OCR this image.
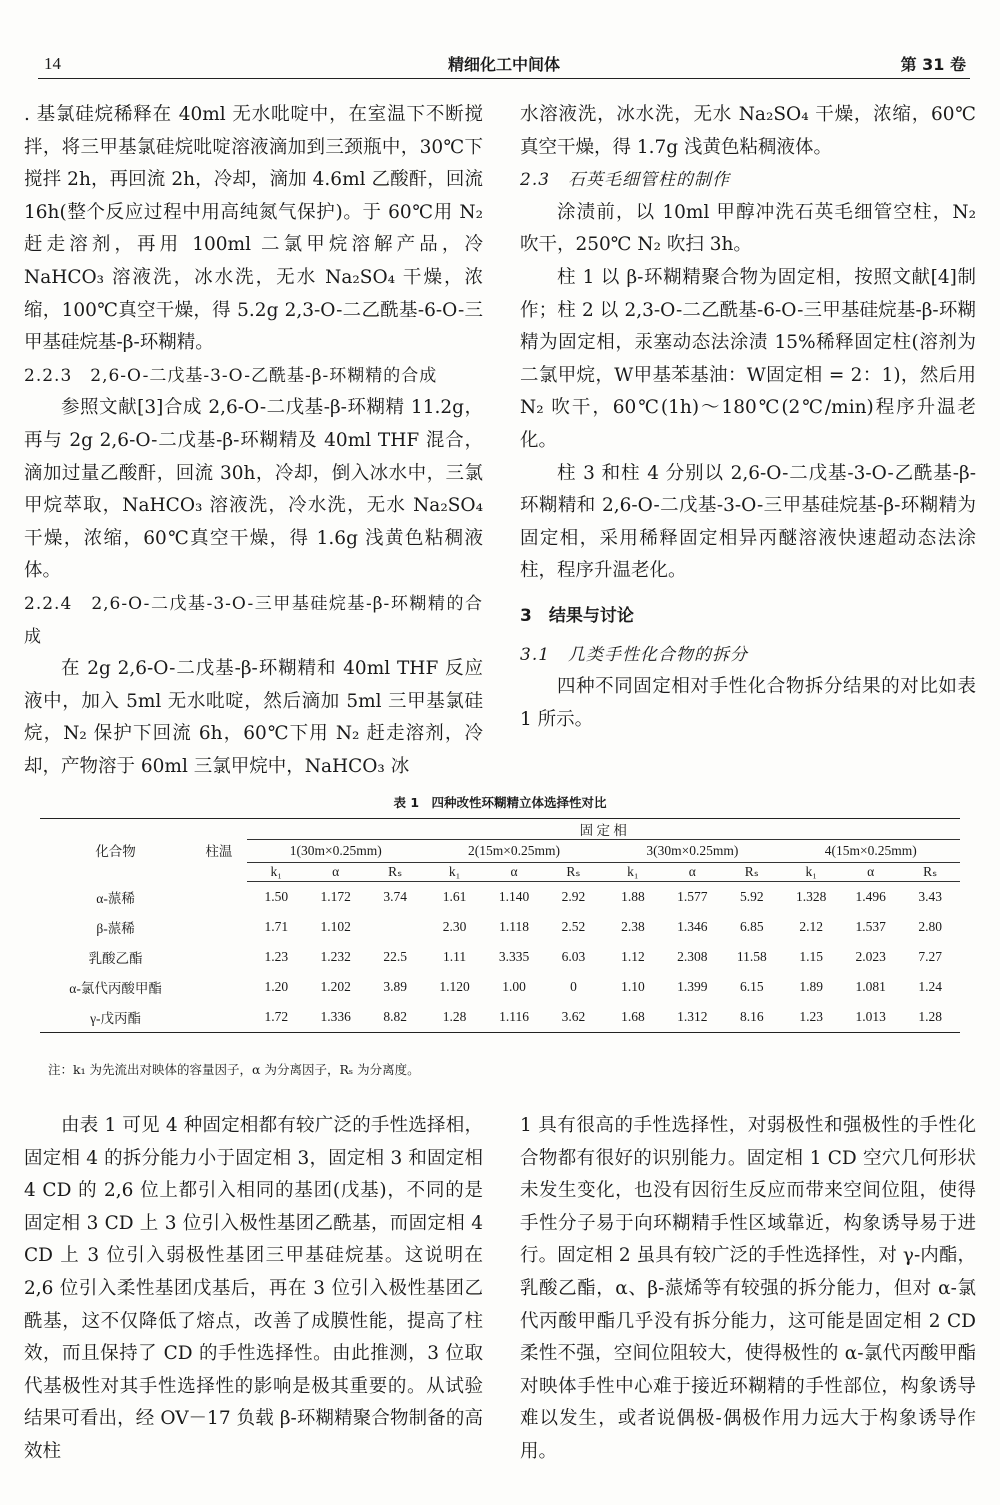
14	精细化工中间体	第 31 卷

. 基氯硅烷稀释在 40ml 无水吡啶中，在室温下不断搅拌，将三甲基氯硅烷吡啶溶液滴加到三颈瓶中，30℃下搅拌 2h，再回流 2h，冷却，滴加 4.6ml 乙酸酐，回流 16h(整个反应过程中用高纯氮气保护)。于 60℃用 N₂ 赶走溶剂，再用 100ml 二氯甲烷溶解产品，冷 NaHCO₃ 溶液洗，冰水洗，无水 Na₂SO₄ 干燥，浓缩，100℃真空干燥，得 5.2g 2,3-O-二乙酰基-6-O-三甲基硅烷基-β-环糊精。

2.2.3　2,6-O-二戊基-3-O-乙酰基-β-环糊精的合成

参照文献[3]合成 2,6-O-二戊基-β-环糊精 11.2g，再与 2g 2,6-O-二戊基-β-环糊精及 40ml THF 混合，滴加过量乙酸酐，回流 30h，冷却，倒入冰水中，三氯甲烷萃取，NaHCO₃ 溶液洗，冷水洗，无水 Na₂SO₄ 干燥，浓缩，60℃真空干燥，得 1.6g 浅黄色粘稠液体。

2.2.4　2,6-O-二戊基-3-O-三甲基硅烷基-β-环糊精的合成

在 2g 2,6-O-二戊基-β-环糊精和 40ml THF 反应液中，加入 5ml 无水吡啶，然后滴加 5ml 三甲基氯硅烷，N₂ 保护下回流 6h，60℃下用 N₂ 赶走溶剂，冷却，产物溶于 60ml 三氯甲烷中，NaHCO₃ 冰

水溶液洗，冰水洗，无水 Na₂SO₄ 干燥，浓缩，60℃真空干燥，得 1.7g 浅黄色粘稠液体。

2.3　石英毛细管柱的制作

涂渍前，以 10ml 甲醇冲洗石英毛细管空柱，N₂ 吹干，250℃ N₂ 吹扫 3h。

柱 1 以 β-环糊精聚合物为固定相，按照文献[4]制作；柱 2 以 2,3-O-二乙酰基-6-O-三甲基硅烷基-β-环糊精为固定相，汞塞动态法涂渍 15%稀释固定柱(溶剂为二氯甲烷，W甲基苯基油：W固定相 = 2：1)，然后用 N₂ 吹干，60℃(1h)～180℃(2℃/min)程序升温老化。

柱 3 和柱 4 分别以 2,6-O-二戊基-3-O-乙酰基-β-环糊精和 2,6-O-二戊基-3-O-三甲基硅烷基-β-环糊精为固定相，采用稀释固定相异丙醚溶液快速超动态法涂柱，程序升温老化。

3　结果与讨论

3.1　几类手性化合物的拆分

四种不同固定相对手性化合物拆分结果的对比如表 1 所示。

表 1　四种改性环糊精立体选择性对比
化合物	柱温	固 定 相											
		1(30m×0.25mm)			2(15m×0.25mm)			3(30m×0.25mm)			4(15m×0.25mm)		
		k₁	α	Rₛ	k₁	α	Rₛ	k₁	α	Rₛ	k₁	α	Rₛ
α-蒎稀		1.50	1.172	3.74	1.61	1.140	2.92	1.88	1.577	5.92	1.328	1.496	3.43
β-蒎稀		1.71	1.102		2.30	1.118	2.52	2.38	1.346	6.85	2.12	1.537	2.80
乳酸乙酯		1.23	1.232	22.5	1.11	3.335	6.03	1.12	2.308	11.58	1.15	2.023	7.27
α-氯代丙酸甲酯		1.20	1.202	3.89	1.120	1.00	0	1.10	1.399	6.15	1.89	1.081	1.24
γ-戊丙酯		1.72	1.336	8.82	1.28	1.116	3.62	1.68	1.312	8.16	1.23	1.013	1.28
注：k₁ 为先流出对映体的容量因子，α 为分离因子，Rₛ 为分离度。

由表 1 可见 4 种固定相都有较广泛的手性选择相，固定相 4 的拆分能力小于固定相 3，固定相 3 和固定相 4 CD 的 2,6 位上都引入相同的基团(戊基)，不同的是固定相 3 CD 上 3 位引入极性基团乙酰基，而固定相 4 CD 上 3 位引入弱极性基团三甲基硅烷基。这说明在 2,6 位引入柔性基团戊基后，再在 3 位引入极性基团乙酰基，这不仅降低了熔点，改善了成膜性能，提高了柱效，而且保持了 CD 的手性选择性。由此推测，3 位取代基极性对其手性选择性的影响是极其重要的。从试验结果可看出，经 OV－17 负载 β-环糊精聚合物制备的高效柱

1 具有很高的手性选择性，对弱极性和强极性的手性化合物都有很好的识别能力。固定相 1 CD 空穴几何形状未发生变化，也没有因衍生反应而带来空间位阻，使得手性分子易于向环糊精手性区域靠近，构象诱导易于进行。固定相 2 虽具有较广泛的手性选择性，对 γ-内酯，乳酸乙酯，α、β-蒎烯等有较强的拆分能力，但对 α-氯代丙酸甲酯几乎没有拆分能力，这可能是固定相 2 CD 柔性不强，空间位阻较大，使得极性的 α-氯代丙酸甲酯对映体手性中心难于接近环糊精的手性部位，构象诱导难以发生，或者说偶极-偶极作用力远大于构象诱导作用。
